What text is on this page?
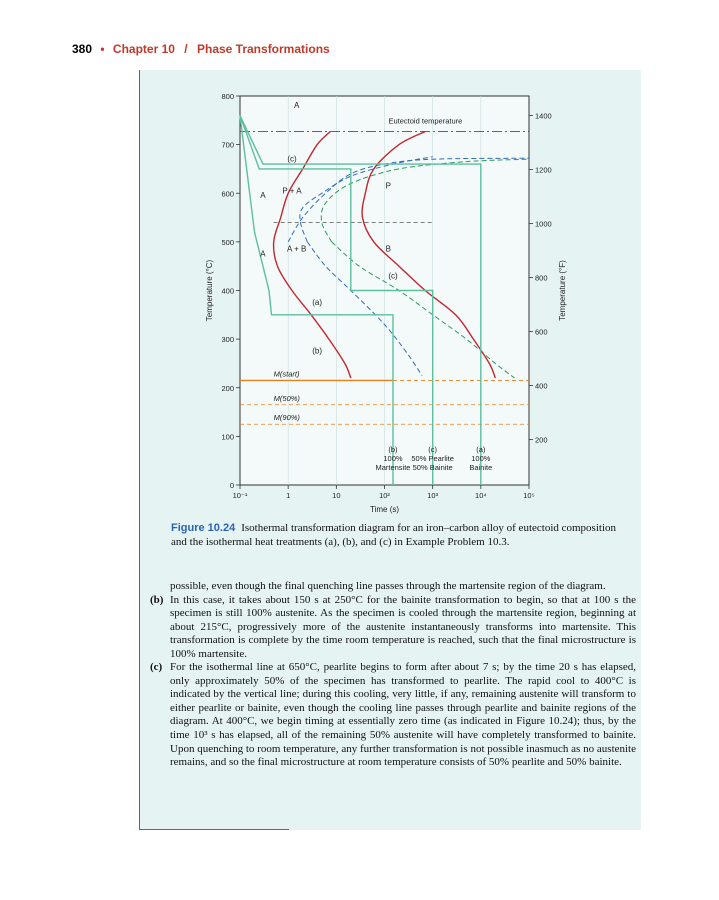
380 • Chapter 10 / Phase Transformations
Eutectoid temperature
M(start)
M(50%)
M(90%)
0
100
200
300
400
500
600
700
800
200
400
600
800
1000
1200
1400
10⁻¹	1	10	10²	10³	10⁴	10⁵
Time (s)
Temperature (°C)	Temperature (°F)
A
A
A
P
B
P + A
A + B
(c)
(a)
(b)
(c)
(b)
100%
Martensite
(c)
50% Pearlite
50% Bainite
(a)
100%
Bainite
Figure 10.24 Isothermal transformation diagram for an iron–carbon alloy of eutectoid composition and the isothermal heat treatments (a), (b), and (c) in Example Problem 10.3.

possible, even though the final quenching line passes through the martensite region of the diagram.

(b) In this case, it takes about 150 s at 250°C for the bainite transformation to begin, so that at 100 s the specimen is still 100% austenite. As the specimen is cooled through the martensite region, beginning at about 215°C, progressively more of the austenite instantaneously transforms into martensite. This transformation is complete by the time room temperature is reached, such that the final microstructure is 100% martensite.

(c) For the isothermal line at 650°C, pearlite begins to form after about 7 s; by the time 20 s has elapsed, only approximately 50% of the specimen has transformed to pearlite. The rapid cool to 400°C is indicated by the vertical line; during this cooling, very little, if any, remaining austenite will transform to either pearlite or bainite, even though the cooling line passes through pearlite and bainite regions of the diagram. At 400°C, we begin timing at essentially zero time (as indicated in Figure 10.24); thus, by the time 10³ s has elapsed, all of the remaining 50% austenite will have completely transformed to bainite. Upon quenching to room temperature, any further transformation is not possible inasmuch as no austenite remains, and so the final microstructure at room temperature consists of 50% pearlite and 50% bainite.
